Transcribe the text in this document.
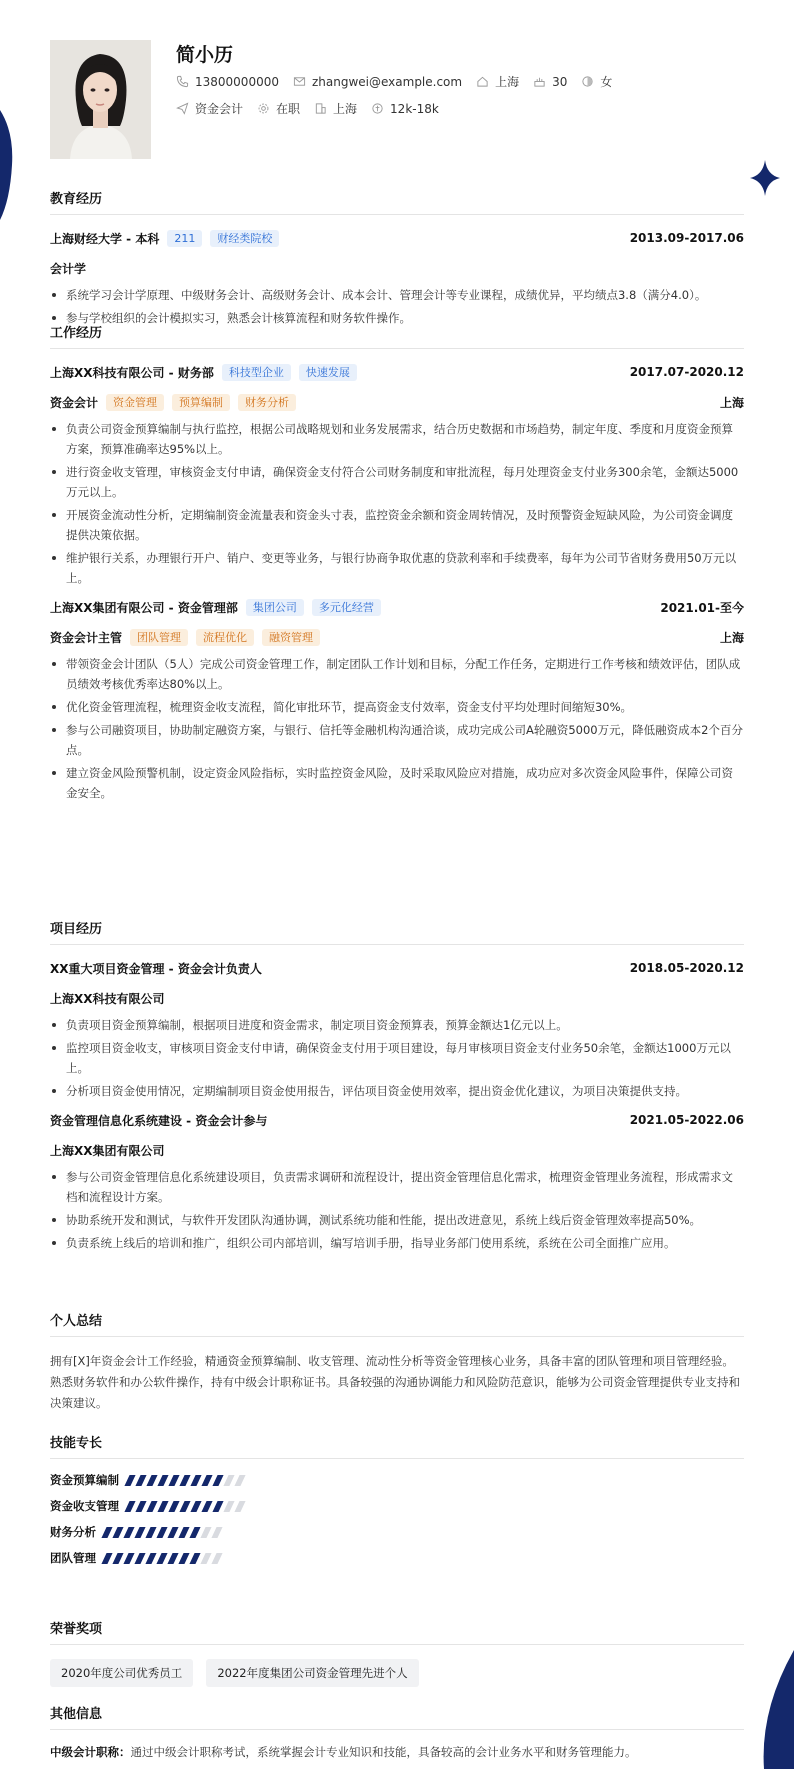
简小历
13800000000	zhangwei@example.com	上海	30	女
资金会计	在职	上海	12k-18k
教育经历
上海财经大学 - 本科	211	财经类院校	2013.09-2017.06
会计学
系统学习会计学原理、中级财务会计、高级财务会计、成本会计、管理会计等专业课程，成绩优异，平均绩点3.8（满分4.0）。
参与学校组织的会计模拟实习，熟悉会计核算流程和财务软件操作。
工作经历
上海XX科技有限公司 - 财务部	科技型企业	快速发展	2017.07-2020.12
资金会计	资金管理	预算编制	财务分析	上海
负责公司资金预算编制与执行监控，根据公司战略规划和业务发展需求，结合历史数据和市场趋势，制定年度、季度和月度资金预算方案，预算准确率达95%以上。
进行资金收支管理，审核资金支付申请，确保资金支付符合公司财务制度和审批流程，每月处理资金支付业务300余笔，金额达5000万元以上。
开展资金流动性分析，定期编制资金流量表和资金头寸表，监控资金余额和资金周转情况，及时预警资金短缺风险，为公司资金调度提供决策依据。
维护银行关系，办理银行开户、销户、变更等业务，与银行协商争取优惠的贷款利率和手续费率，每年为公司节省财务费用50万元以上。
上海XX集团有限公司 - 资金管理部	集团公司	多元化经营	2021.01-至今
资金会计主管	团队管理	流程优化	融资管理	上海
带领资金会计团队（5人）完成公司资金管理工作，制定团队工作计划和目标，分配工作任务，定期进行工作考核和绩效评估，团队成员绩效考核优秀率达80%以上。
优化资金管理流程，梳理资金收支流程，简化审批环节，提高资金支付效率，资金支付平均处理时间缩短30%。
参与公司融资项目，协助制定融资方案，与银行、信托等金融机构沟通洽谈，成功完成公司A轮融资5000万元，降低融资成本2个百分点。
建立资金风险预警机制，设定资金风险指标，实时监控资金风险，及时采取风险应对措施，成功应对多次资金风险事件，保障公司资金安全。
项目经历
XX重大项目资金管理 - 资金会计负责人	2018.05-2020.12
上海XX科技有限公司
负责项目资金预算编制，根据项目进度和资金需求，制定项目资金预算表，预算金额达1亿元以上。
监控项目资金收支，审核项目资金支付申请，确保资金支付用于项目建设，每月审核项目资金支付业务50余笔，金额达1000万元以上。
分析项目资金使用情况，定期编制项目资金使用报告，评估项目资金使用效率，提出资金优化建议，为项目决策提供支持。
资金管理信息化系统建设 - 资金会计参与	2021.05-2022.06
上海XX集团有限公司
参与公司资金管理信息化系统建设项目，负责需求调研和流程设计，提出资金管理信息化需求，梳理资金管理业务流程，形成需求文档和流程设计方案。
协助系统开发和测试，与软件开发团队沟通协调，测试系统功能和性能，提出改进意见，系统上线后资金管理效率提高50%。
负责系统上线后的培训和推广，组织公司内部培训，编写培训手册，指导业务部门使用系统，系统在公司全面推广应用。
个人总结
拥有[X]年资金会计工作经验，精通资金预算编制、收支管理、流动性分析等资金管理核心业务，具备丰富的团队管理和项目管理经验。熟悉财务软件和办公软件操作，持有中级会计职称证书。具备较强的沟通协调能力和风险防范意识，能够为公司资金管理提供专业支持和决策建议。
技能专长
资金预算编制
资金收支管理
财务分析
团队管理
荣誉奖项
2020年度公司优秀员工	2022年度集团公司资金管理先进个人
其他信息
中级会计职称：通过中级会计职称考试，系统掌握会计专业知识和技能，具备较高的会计业务水平和财务管理能力。
